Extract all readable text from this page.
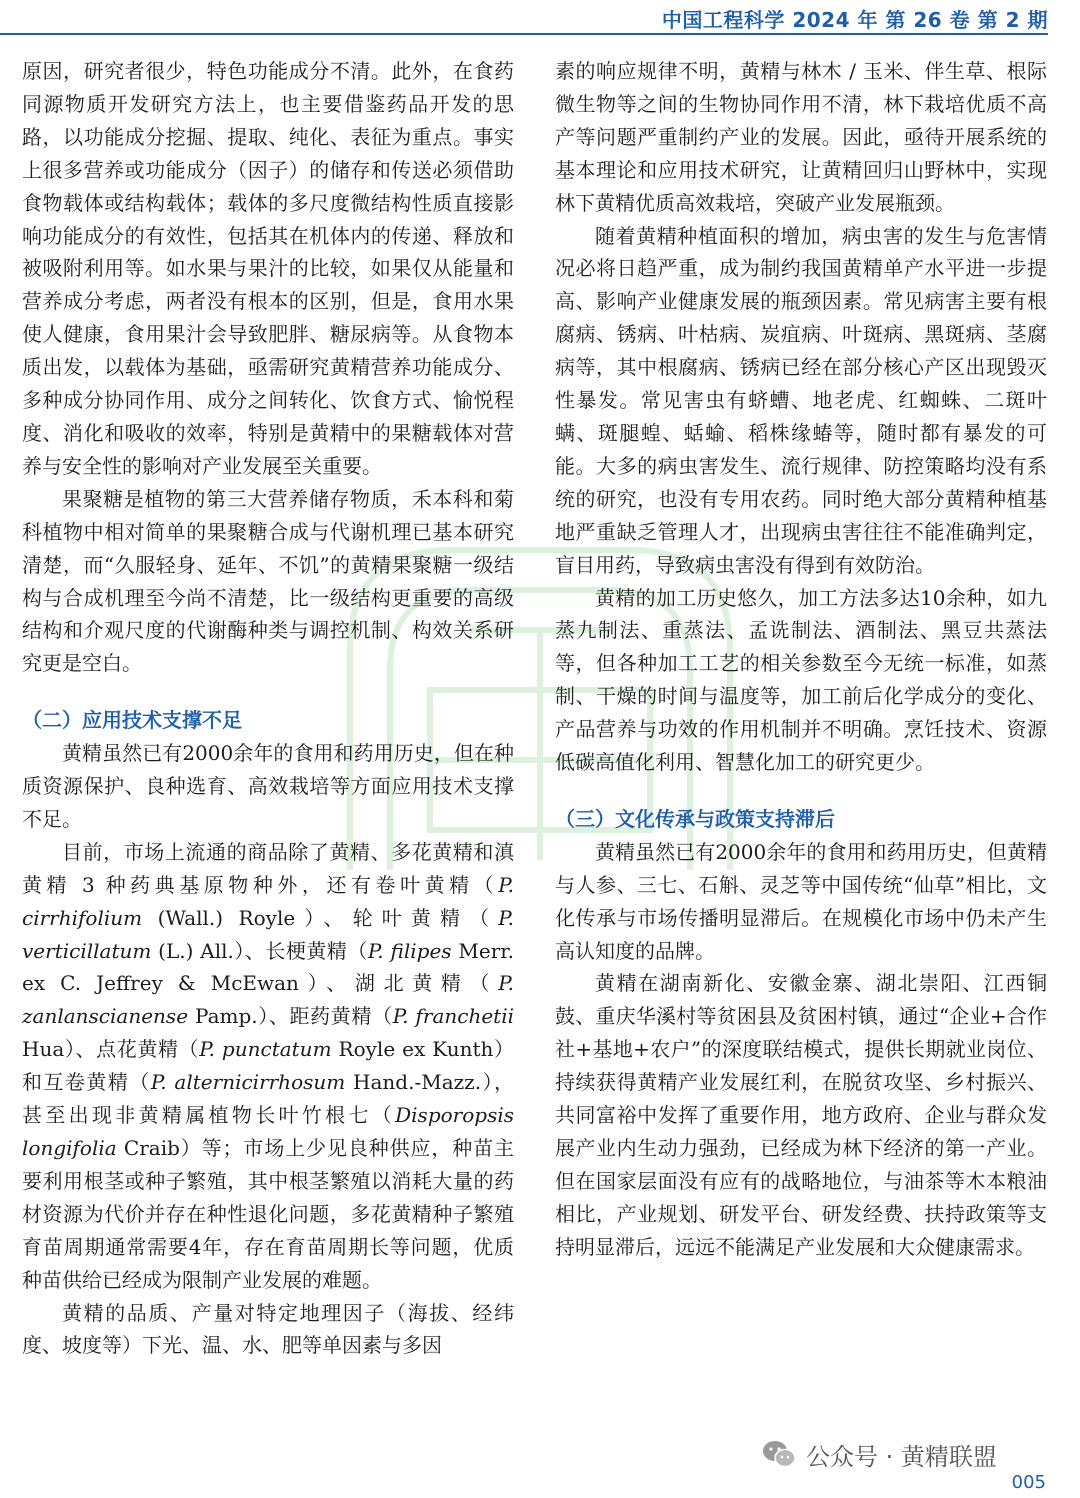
中国工程科学 2024 年 第 26 卷 第 2 期

原因，研究者很少，特色功能成分不清。此外，在食药同源物质开发研究方法上，也主要借鉴药品开发的思路，以功能成分挖掘、提取、纯化、表征为重点。事实上很多营养或功能成分（因子）的储存和传送必须借助食物载体或结构载体；载体的多尺度微结构性质直接影响功能成分的有效性，包括其在机体内的传递、释放和被吸附利用等。如水果与果汁的比较，如果仅从能量和营养成分考虑，两者没有根本的区别，但是，食用水果使人健康，食用果汁会导致肥胖、糖尿病等。从食物本质出发，以载体为基础，亟需研究黄精营养功能成分、多种成分协同作用、成分之间转化、饮食方式、愉悦程度、消化和吸收的效率，特别是黄精中的果糖载体对营养与安全性的影响对产业发展至关重要。

果聚糖是植物的第三大营养储存物质，禾本科和菊科植物中相对简单的果聚糖合成与代谢机理已基本研究清楚，而“久服轻身、延年、不饥”的黄精果聚糖一级结构与合成机理至今尚不清楚，比一级结构更重要的高级结构和介观尺度的代谢酶种类与调控机制、构效关系研究更是空白。

（二）应用技术支撑不足

黄精虽然已有2000余年的食用和药用历史，但在种质资源保护、良种选育、高效栽培等方面应用技术支撑不足。

目前，市场上流通的商品除了黄精、多花黄精和滇黄精 3 种药典基原物种外，还有卷叶黄精（P. cirrhifolium (Wall.) Royle）、轮叶黄精（P. verticillatum (L.) All.）、长梗黄精（P. filipes Merr. ex C. Jeffrey & McEwan）、湖北黄精（P. zanlanscianense Pamp.）、距药黄精（P. franchetii Hua）、点花黄精（P. punctatum Royle ex Kunth）和互卷黄精（P. alternicirrhosum Hand.-Mazz.），甚至出现非黄精属植物长叶竹根七（Disporopsis longifolia Craib）等；市场上少见良种供应，种苗主要利用根茎或种子繁殖，其中根茎繁殖以消耗大量的药材资源为代价并存在种性退化问题，多花黄精种子繁殖育苗周期通常需要4年，存在育苗周期长等问题，优质种苗供给已经成为限制产业发展的难题。

黄精的品质、产量对特定地理因子（海拔、经纬度、坡度等）下光、温、水、肥等单因素与多因

素的响应规律不明，黄精与林木 / 玉米、伴生草、根际微生物等之间的生物协同作用不清，林下栽培优质不高产等问题严重制约产业的发展。因此，亟待开展系统的基本理论和应用技术研究，让黄精回归山野林中，实现林下黄精优质高效栽培，突破产业发展瓶颈。

随着黄精种植面积的增加，病虫害的发生与危害情况必将日趋严重，成为制约我国黄精单产水平进一步提高、影响产业健康发展的瓶颈因素。常见病害主要有根腐病、锈病、叶枯病、炭疽病、叶斑病、黑斑病、茎腐病等，其中根腐病、锈病已经在部分核心产区出现毁灭性暴发。常见害虫有蛴螬、地老虎、红蜘蛛、二斑叶螨、斑腿蝗、蛞蝓、稻株缘蝽等，随时都有暴发的可能。大多的病虫害发生、流行规律、防控策略均没有系统的研究，也没有专用农药。同时绝大部分黄精种植基地严重缺乏管理人才，出现病虫害往往不能准确判定，盲目用药，导致病虫害没有得到有效防治。

黄精的加工历史悠久，加工方法多达10余种，如九蒸九制法、重蒸法、孟诜制法、酒制法、黑豆共蒸法等，但各种加工工艺的相关参数至今无统一标准，如蒸制、干燥的时间与温度等，加工前后化学成分的变化、产品营养与功效的作用机制并不明确。烹饪技术、资源低碳高值化利用、智慧化加工的研究更少。

（三）文化传承与政策支持滞后

黄精虽然已有2000余年的食用和药用历史，但黄精与人参、三七、石斛、灵芝等中国传统“仙草”相比，文化传承与市场传播明显滞后。在规模化市场中仍未产生高认知度的品牌。

黄精在湖南新化、安徽金寨、湖北崇阳、江西铜鼓、重庆华溪村等贫困县及贫困村镇，通过“企业+合作社+基地+农户”的深度联结模式，提供长期就业岗位、持续获得黄精产业发展红利，在脱贫攻坚、乡村振兴、共同富裕中发挥了重要作用，地方政府、企业与群众发展产业内生动力强劲，已经成为林下经济的第一产业。但在国家层面没有应有的战略地位，与油茶等木本粮油相比，产业规划、研发平台、研发经费、扶持政策等支持明显滞后，远远不能满足产业发展和大众健康需求。

公众号 · 黄精联盟
005
